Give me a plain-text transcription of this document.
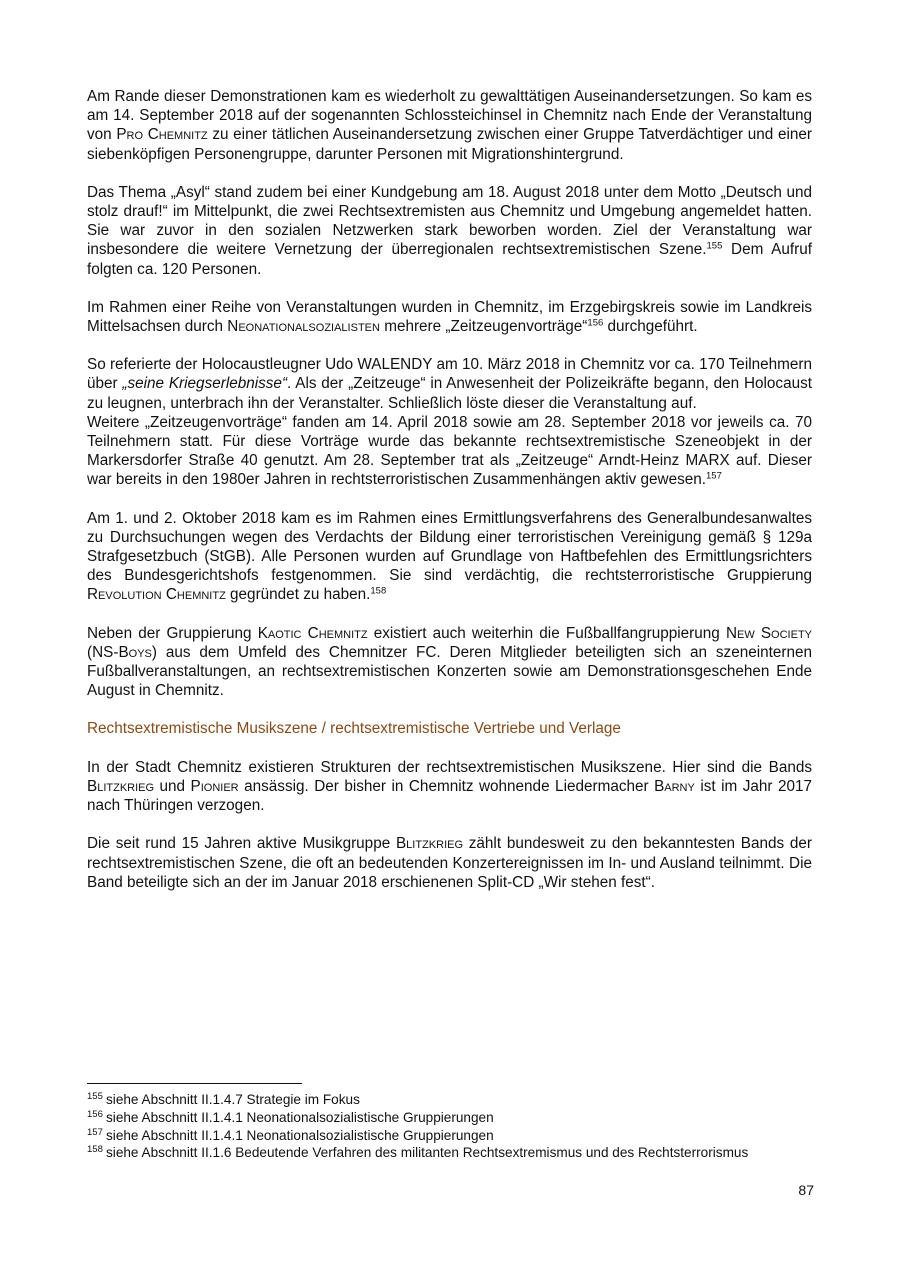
Am Rande dieser Demonstrationen kam es wiederholt zu gewalttätigen Auseinandersetzungen. So kam es am 14. September 2018 auf der sogenannten Schlossteichinsel in Chemnitz nach Ende der Veranstaltung von Pro Chemnitz zu einer tätlichen Auseinandersetzung zwischen einer Gruppe Tatverdächtiger und einer siebenköpfigen Personengruppe, darunter Personen mit Migrationshintergrund.

Das Thema „Asyl“ stand zudem bei einer Kundgebung am 18. August 2018 unter dem Motto „Deutsch und stolz drauf!“ im Mittelpunkt, die zwei Rechtsextremisten aus Chemnitz und Umgebung angemeldet hatten. Sie war zuvor in den sozialen Netzwerken stark beworben worden. Ziel der Veranstaltung war insbesondere die weitere Vernetzung der überregionalen rechtsextremistischen Szene.$^{155}$ Dem Aufruf folgten ca. 120 Personen.

Im Rahmen einer Reihe von Veranstaltungen wurden in Chemnitz, im Erzgebirgskreis sowie im Landkreis Mittelsachsen durch Neonationalsozialisten mehrere „Zeitzeugenvorträge“$^{156}$ durchgeführt.

So referierte der Holocaustleugner Udo WALENDY am 10. März 2018 in Chemnitz vor ca. 170 Teilnehmern über „seine Kriegserlebnisse“. Als der „Zeitzeuge“ in Anwesenheit der Polizeikräfte begann, den Holocaust zu leugnen, unterbrach ihn der Veranstalter. Schließlich löste dieser die Veranstaltung auf.

Weitere „Zeitzeugenvorträge“ fanden am 14. April 2018 sowie am 28. September 2018 vor jeweils ca. 70 Teilnehmern statt. Für diese Vorträge wurde das bekannte rechtsextremistische Szeneobjekt in der Markersdorfer Straße 40 genutzt. Am 28. September trat als „Zeitzeuge“ Arndt-Heinz MARX auf. Dieser war bereits in den 1980er Jahren in rechtsterroristischen Zusammenhängen aktiv gewesen.$^{157}$

Am 1. und 2. Oktober 2018 kam es im Rahmen eines Ermittlungsverfahrens des Generalbundesanwaltes zu Durchsuchungen wegen des Verdachts der Bildung einer terroristischen Vereinigung gemäß § 129a Strafgesetzbuch (StGB). Alle Personen wurden auf Grundlage von Haftbefehlen des Ermittlungsrichters des Bundesgerichtshofs festgenommen. Sie sind verdächtig, die rechtsterroristische Gruppierung Revolution Chemnitz gegründet zu haben.$^{158}$

Neben der Gruppierung Kaotic Chemnitz existiert auch weiterhin die Fußballfangruppierung New Society (NS-Boys) aus dem Umfeld des Chemnitzer FC. Deren Mitglieder beteiligten sich an szeneinternen Fußballveranstaltungen, an rechtsextremistischen Konzerten sowie am Demonstrationsgeschehen Ende August in Chemnitz.

Rechtsextremistische Musikszene / rechtsextremistische Vertriebe und Verlage

In der Stadt Chemnitz existieren Strukturen der rechtsextremistischen Musikszene. Hier sind die Bands Blitzkrieg und Pionier ansässig. Der bisher in Chemnitz wohnende Liedermacher Barny ist im Jahr 2017 nach Thüringen verzogen.

Die seit rund 15 Jahren aktive Musikgruppe Blitzkrieg zählt bundesweit zu den bekanntesten Bands der rechtsextremistischen Szene, die oft an bedeutenden Konzertereignissen im In- und Ausland teilnimmt. Die Band beteiligte sich an der im Januar 2018 erschienenen Split-CD „Wir stehen fest“.

155 siehe Abschnitt II.1.4.7 Strategie im Fokus
156 siehe Abschnitt II.1.4.1 Neonationalsozialistische Gruppierungen
157 siehe Abschnitt II.1.4.1 Neonationalsozialistische Gruppierungen
158 siehe Abschnitt II.1.6 Bedeutende Verfahren des militanten Rechtsextremismus und des Rechtsterrorismus
87
